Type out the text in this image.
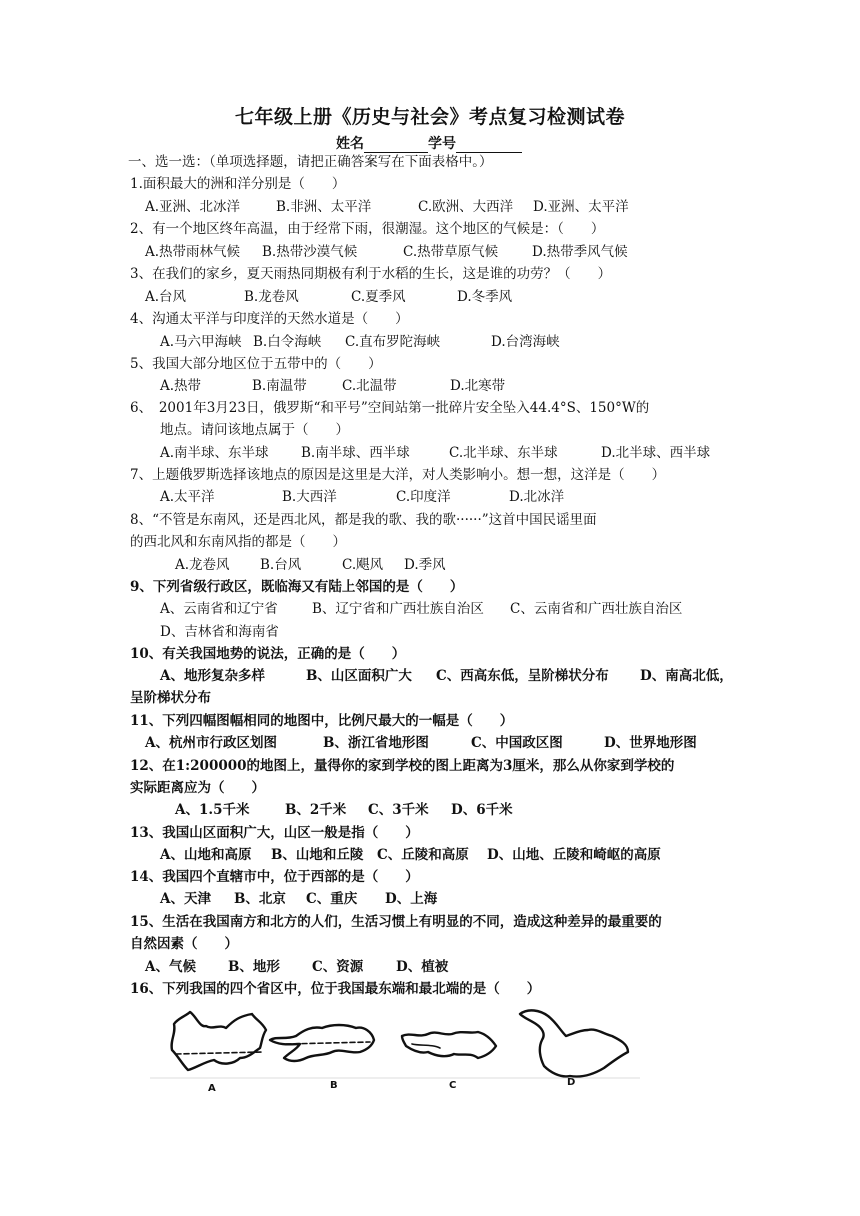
七年级上册《历史与社会》考点复习检测试卷
姓名	学号
一、选一选：（单项选择题，请把正确答案写在下面表格中。）
1.面积最大的洲和洋分别是（　　）
A.亚洲、北冰洋	B.非洲、太平洋	C.欧洲、大西洋 D.亚洲、太平洋
2、有一个地区终年高温，由于经常下雨，很潮湿。这个地区的气候是：（　　）
A.热带雨林气候 B.热带沙漠气候	C.热带草原气候	D.热带季风气候
3、在我们的家乡，夏天雨热同期极有利于水稻的生长，这是谁的功劳？（　　）
A.台风	B.龙卷风	C.夏季风	D.冬季风
4、沟通太平洋与印度洋的天然水道是（　　）
A.马六甲海峡 B.白令海峡 C.直布罗陀海峡	D.台湾海峡
5、我国大部分地区位于五带中的（　　）
A.热带	B.南温带	C.北温带	D.北寒带
6、　2001年3月23日，俄罗斯“和平号”空间站第一批碎片安全坠入44.4°S、150°W的
地点。请问该地点属于（　　）
A.南半球、东半球 B.南半球、西半球	C.北半球、东半球	D.北半球、西半球
7、上题俄罗斯选择该地点的原因是这里是大洋，对人类影响小。想一想，这洋是（　　）
A.太平洋	B.大西洋	C.印度洋	D.北冰洋
8、“不管是东南风，还是西北风，都是我的歌、我的歌······”这首中国民谣里面
的西北风和东南风指的都是（　　）
A.龙卷风 B.台风	C.飓风 D.季风
9、下列省级行政区，既临海又有陆上邻国的是（　　）
A、云南省和辽宁省	B、辽宁省和广西壮族自治区 C、云南省和广西壮族自治区
D、吉林省和海南省
10、有关我国地势的说法，正确的是（　　）
A、地形复杂多样	B、山区面积广大 C、西高东低，呈阶梯状分布 D、南高北低，
呈阶梯状分布
11、下列四幅图幅相同的地图中，比例尺最大的一幅是（　　）
A、杭州市行政区划图	B、浙江省地形图	C、中国政区图	D、世界地形图
12、在1:200000的地图上，量得你的家到学校的图上距离为3厘米，那么从你家到学校的
实际距离应为（　　）
A、1.5千米	B、2千米 C、3千米 D、6千米
13、我国山区面积广大，山区一般是指（　　）
A、山地和高原 B、山地和丘陵 C、丘陵和高原 D、山地、丘陵和崎岖的高原
14、我国四个直辖市中，位于西部的是（　　）
A、天津 B、北京 C、重庆 D、上海
15、生活在我国南方和北方的人们，生活习惯上有明显的不同，造成这种差异的最重要的
自然因素（　　）
A、气候 B、地形 C、资源 D、植被
16、下列我国的四个省区中，位于我国最东端和最北端的是（　　）
A	B	C	D
